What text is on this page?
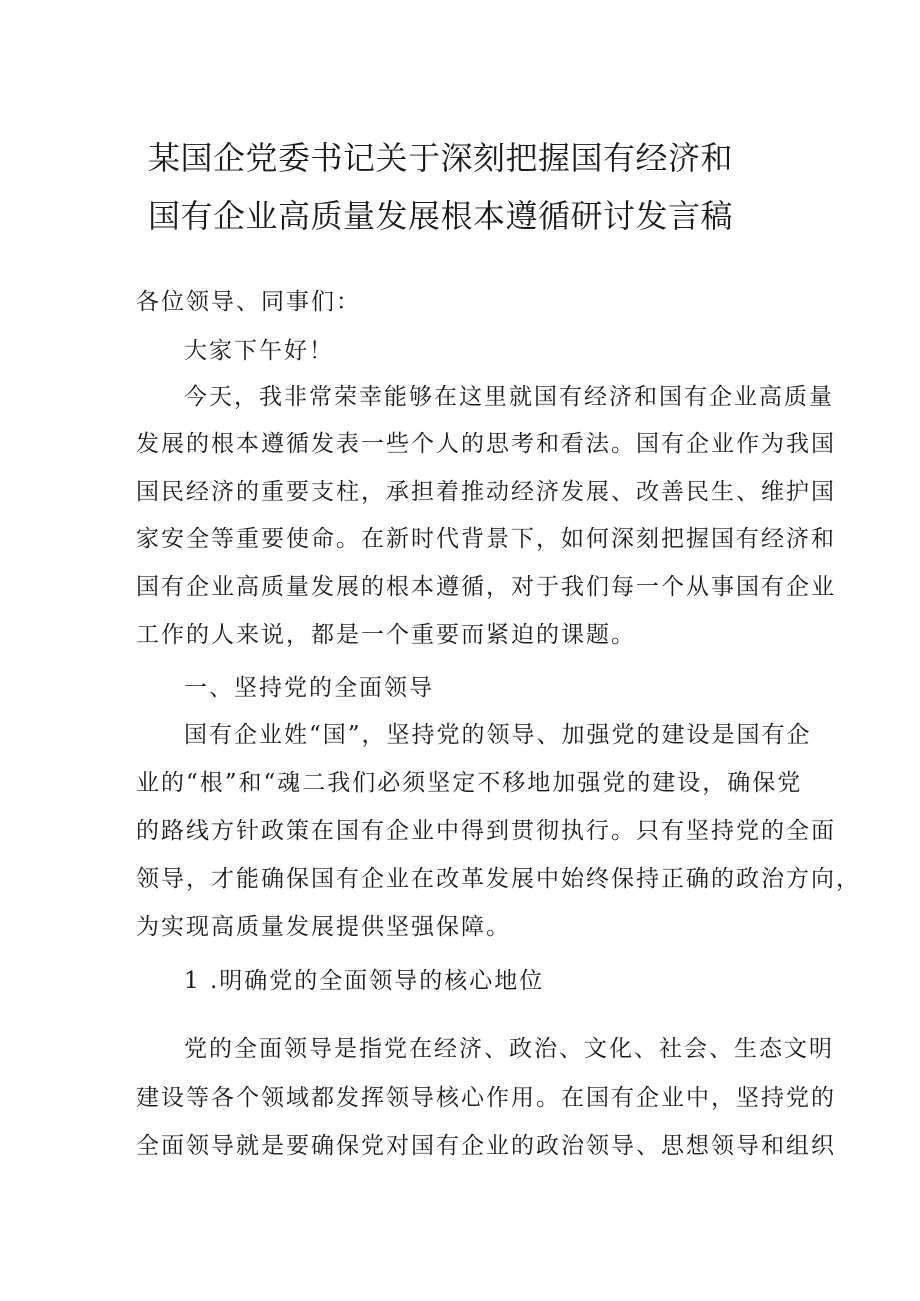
某国企党委书记关于深刻把握国有经济和
国有企业高质量发展根本遵循研讨发言稿
各位领导、同事们：
大家下午好！
今天，我非常荣幸能够在这里就国有经济和国有企业高质量
发展的根本遵循发表一些个人的思考和看法。国有企业作为我国
国民经济的重要支柱，承担着推动经济发展、改善民生、维护国
家安全等重要使命。在新时代背景下，如何深刻把握国有经济和
国有企业高质量发展的根本遵循，对于我们每一个从事国有企业
工作的人来说，都是一个重要而紧迫的课题。
一、坚持党的全面领导
国有企业姓“国”，坚持党的领导、加强党的建设是国有企
业的“根”和“魂二我们必须坚定不移地加强党的建设，确保党
的路线方针政策在国有企业中得到贯彻执行。只有坚持党的全面
领导，才能确保国有企业在改革发展中始终保持正确的政治方向，
为实现高质量发展提供坚强保障。
1 .明确党的全面领导的核心地位
党的全面领导是指党在经济、政治、文化、社会、生态文明
建设等各个领域都发挥领导核心作用。在国有企业中，坚持党的
全面领导就是要确保党对国有企业的政治领导、思想领导和组织
